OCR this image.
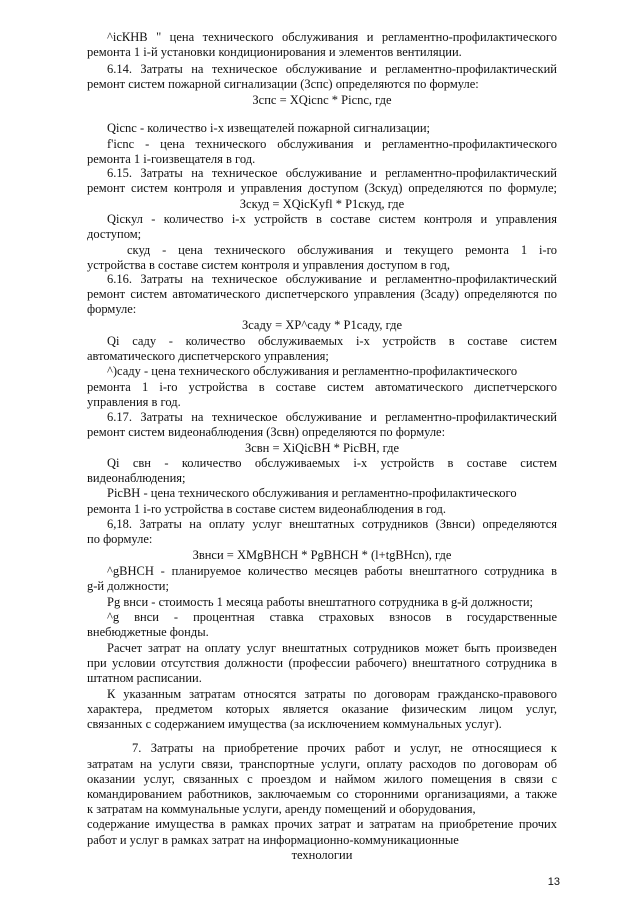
^icКНВ " цена технического обслуживания и регламентно-профилактического
ремонта 1 i-й установки кондиционирования и элементов вентиляции.
6.14. Затраты на техническое обслуживание и регламентно-профилактический
ремонт систем пожарной сигнализации (Зспс) определяются по формуле:
Зспс = XQicnc * Picnc, где
Qicnc - количество i-x извещателей пожарной сигнализации;
f'icnc - цена технического обслуживания и регламентно-профилактического
ремонта 1 i-гоизвещателя в год.
6.15. Затраты на техническое обслуживание и регламентно-профилактический
ремонт систем контроля и управления доступом (Зскуд) определяются по формуле;
Зскуд = XQicKyfl * Р1скуд, где
Qicкул - количество i-x устройств в составе систем контроля и управления
доступом;
скуд - цена технического обслуживания и текущего ремонта 1 i-ro
устройства в составе систем контроля и управления доступом в год,
6.16. Затраты на техническое обслуживание и регламентно-профилактический
ремонт систем автоматического диспетчерского управления (Зсаду) определяются по
формуле:
Зсаду = XP^саду * Р1саду, где
Qi саду - количество обслуживаемых i-x устройств в составе систем
автоматического диспетчерского управления;
^)саду - цена технического обслуживания и регламентно-профилактического
ремонта 1 i-ro устройства в составе систем автоматического диспетчерского
управления в год.
6.17. Затраты на техническое обслуживание и регламентно-профилактический
ремонт систем видеонаблюдения (Зсвн) определяются по формуле:
Зсвн = XiQicBH * PicBH, где
Qi свн - количество обслуживаемых i-x устройств в составе систем
видеонаблюдения;
PicBH - цена технического обслуживания и регламентно-профилактического
ремонта 1 i-ro устройства в составе систем видеонаблюдения в год.
6,18. Затраты на оплату услуг внештатных сотрудников (Звнси) определяются
по формуле:
Звнси = XMgBHCH * PgBHCH * (l+tgBHcn), где
^gBHCH - планируемое количество месяцев работы внештатного сотрудника в
g-й должности;
Pg внси - стоимость 1 месяца работы внештатного сотрудника в g-й должности;
^g внси - процентная ставка страховых взносов в государственные
внебюджетные фонды.
Расчет затрат на оплату услуг внештатных сотрудников может быть произведен
при условии отсутствия должности (профессии рабочего) внештатного сотрудника в
штатном расписании.
К указанным затратам относятся затраты по договорам гражданско-правового
характера, предметом которых является оказание физическим лицом услуг,
связанных с содержанием имущества (за исключением коммунальных услуг).
7. Затраты на приобретение прочих работ и услуг, не относящиеся к
затратам на услуги связи, транспортные услуги, оплату расходов по договорам об
оказании услуг, связанных с проездом и наймом жилого помещения в связи с
командированием работников, заключаемым со сторонними организациями, а также
к затратам на коммунальные услуги, аренду помещений и оборудования,
содержание имущества в рамках прочих затрат и затратам на приобретение прочих
работ и услуг в рамках затрат на информационно-коммуникационные
технологии
13
